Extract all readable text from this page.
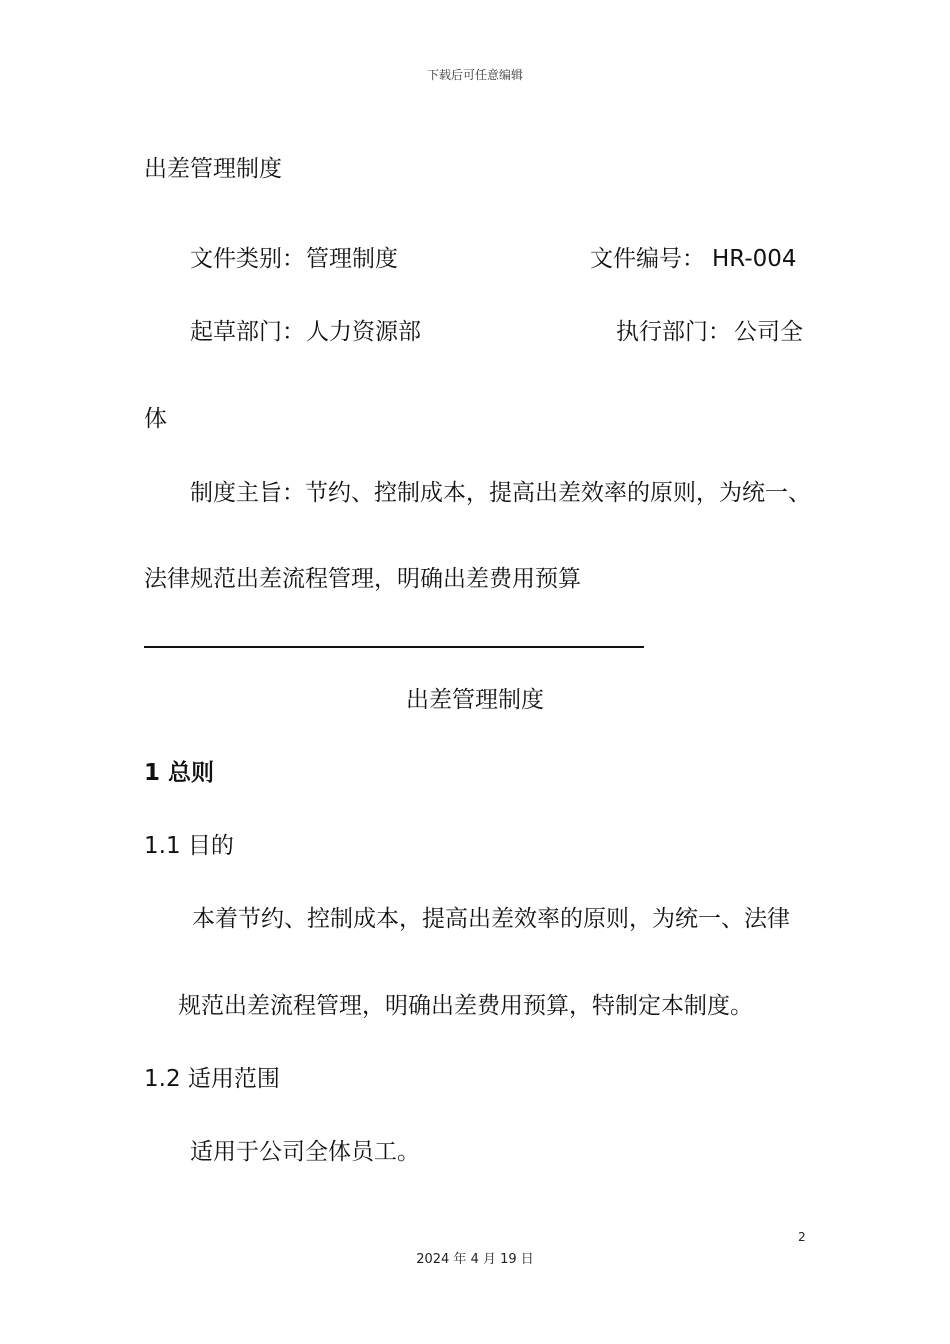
下载后可任意编辑
出差管理制度
文件类别： 管理制度	文件编号： HR-004
起草部门： 人力资源部	执行部门： 公司全
体
制度主旨：节约、控制成本，提高出差效率的原则，为统一、
法律规范出差流程管理，明确出差费用预算
出差管理制度
1 总则
1.1 目的
本着节约、控制成本，提高出差效率的原则，为统一、法律
规范出差流程管理，明确出差费用预算，特制定本制度。
1.2 适用范围
适用于公司全体员工。
2
2024 年 4 月 19 日
